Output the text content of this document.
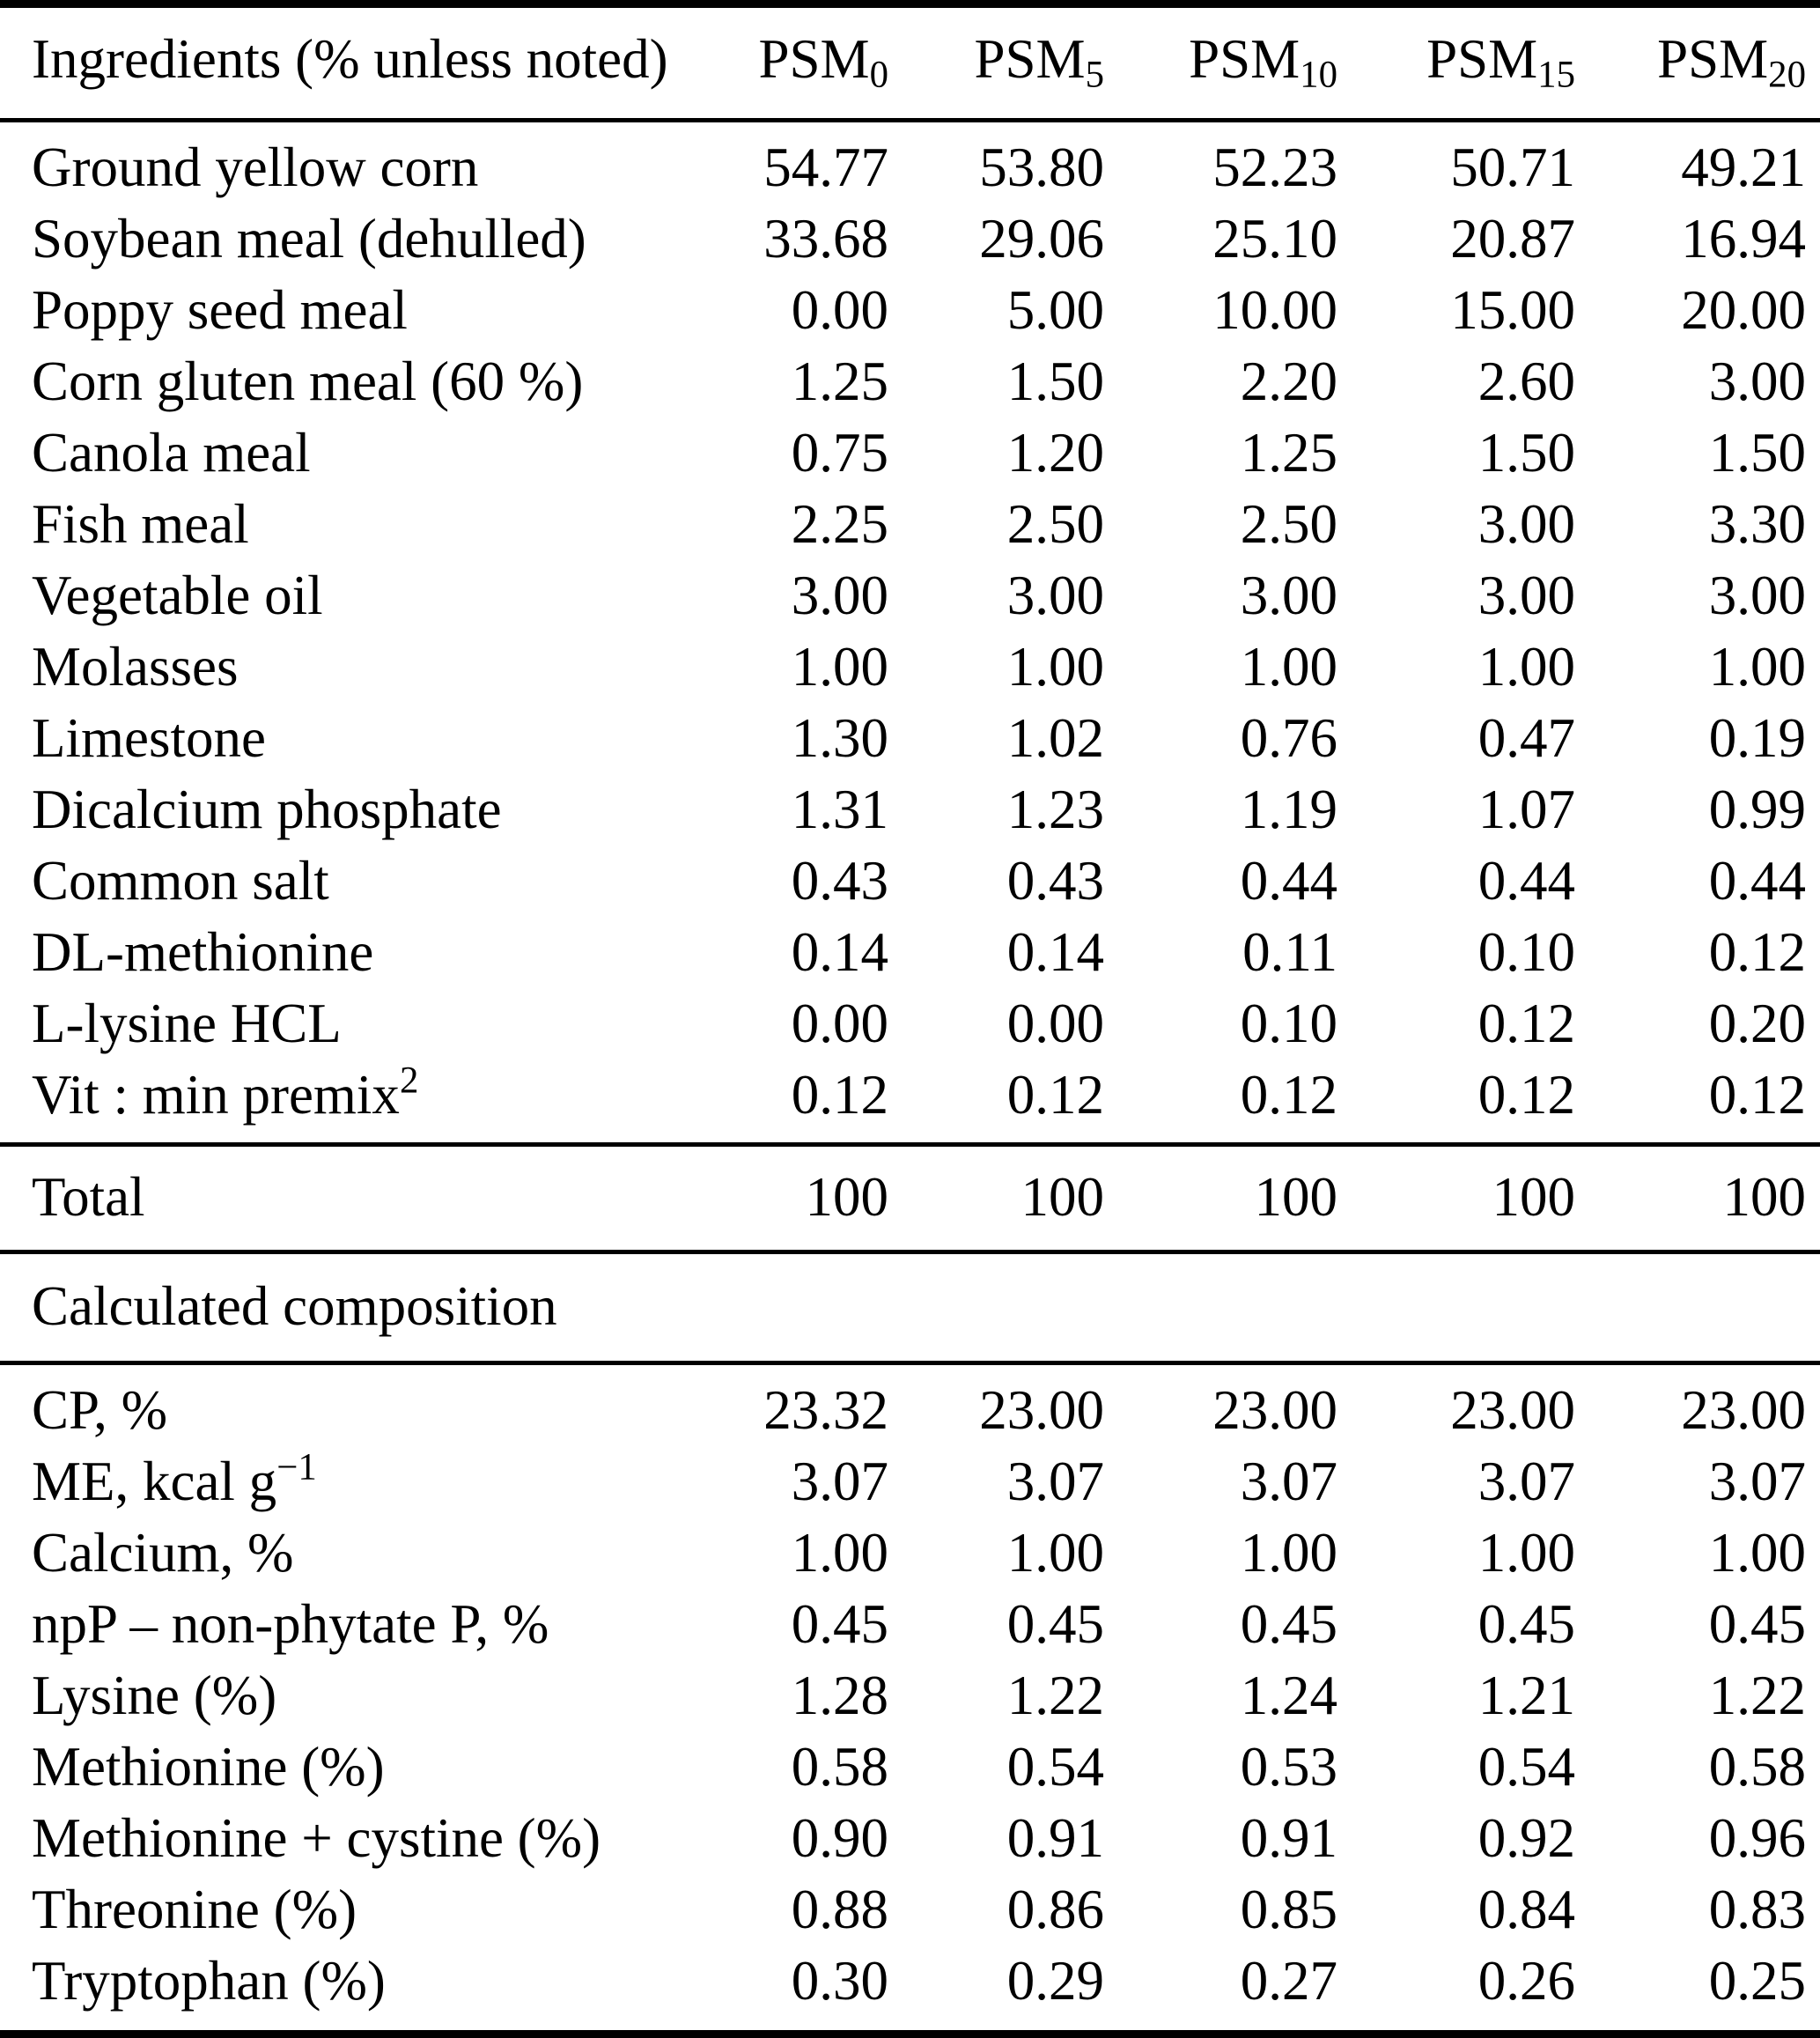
Ingredients (% unless noted)	$PSM_0$	$PSM_5$	$PSM_{10}$	$PSM_{15}$	$PSM_{20}$
Ground yellow corn	54.77	53.80	52.23	50.71	49.21
Soybean meal (dehulled)	33.68	29.06	25.10	20.87	16.94
Poppy seed meal	0.00	5.00	10.00	15.00	20.00
Corn gluten meal (60 %)	1.25	1.50	2.20	2.60	3.00
Canola meal	0.75	1.20	1.25	1.50	1.50
Fish meal	2.25	2.50	2.50	3.00	3.30
Vegetable oil	3.00	3.00	3.00	3.00	3.00
Molasses	1.00	1.00	1.00	1.00	1.00
Limestone	1.30	1.02	0.76	0.47	0.19
Dicalcium phosphate	1.31	1.23	1.19	1.07	0.99
Common salt	0.43	0.43	0.44	0.44	0.44
DL-methionine	0.14	0.14	0.11	0.10	0.12
L-lysine HCL	0.00	0.00	0.10	0.12	0.20
Vit : min premix$^2$	0.12	0.12	0.12	0.12	0.12
Total	100	100	100	100	100
Calculated composition					
CP, %	23.32	23.00	23.00	23.00	23.00
ME, kcal $g^{-1}$	3.07	3.07	3.07	3.07	3.07
Calcium, %	1.00	1.00	1.00	1.00	1.00
npP – non-phytate P, %	0.45	0.45	0.45	0.45	0.45
Lysine (%)	1.28	1.22	1.24	1.21	1.22
Methionine (%)	0.58	0.54	0.53	0.54	0.58
Methionine + cystine (%)	0.90	0.91	0.91	0.92	0.96
Threonine (%)	0.88	0.86	0.85	0.84	0.83
Tryptophan (%)	0.30	0.29	0.27	0.26	0.25
